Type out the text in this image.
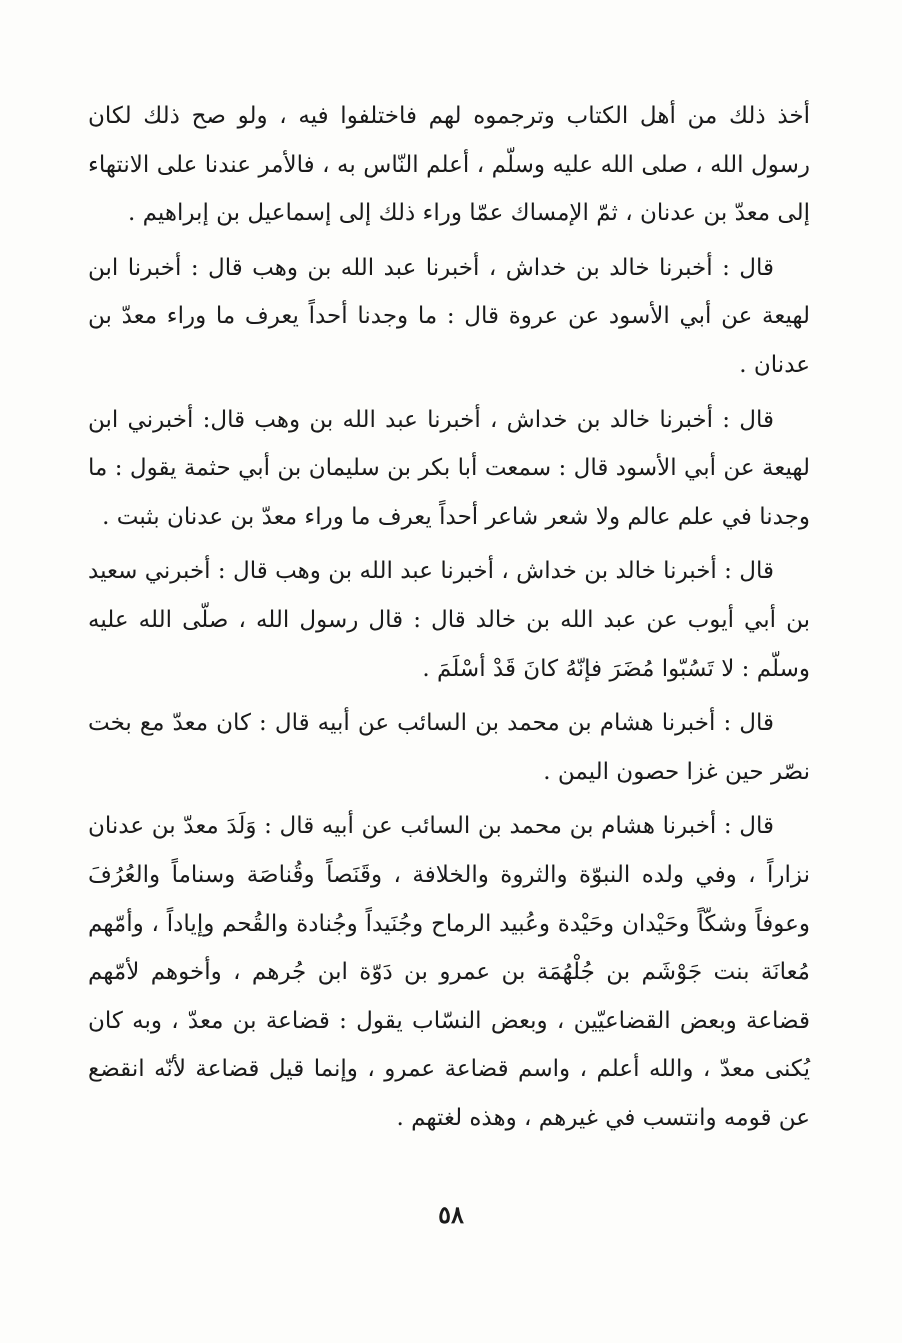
أخذ ذلك من أهل الكتاب وترجموه لهم فاختلفوا فيه ، ولو صح ذلك لكان رسول الله ، صلى الله عليه وسلّم ، أعلم النّاس به ، فالأمر عندنا على الانتهاء إلى معدّ بن عدنان ، ثمّ الإمساك عمّا وراء ذلك إلى إسماعيل بن إبراهيم .

قال : أخبرنا خالد بن خداش ، أخبرنا عبد الله بن وهب قال : أخبرنا ابن لهيعة عن أبي الأسود عن عروة قال : ما وجدنا أحداً يعرف ما وراء معدّ بن عدنان .

قال : أخبرنا خالد بن خداش ، أخبرنا عبد الله بن وهب قال: أخبرني ابن لهيعة عن أبي الأسود قال : سمعت أبا بكر بن سليمان بن أبي حثمة يقول : ما وجدنا في علم عالم ولا شعر شاعر أحداً يعرف ما وراء معدّ بن عدنان بثبت .

قال : أخبرنا خالد بن خداش ، أخبرنا عبد الله بن وهب قال : أخبرني سعيد بن أبي أيوب عن عبد الله بن خالد قال : قال رسول الله ، صلّى الله عليه وسلّم : لا تَسُبّوا مُضَرَ فإنّهُ كانَ قَدْ أسْلَمَ .

قال : أخبرنا هشام بن محمد بن السائب عن أبيه قال : كان معدّ مع بخت نصّر حين غزا حصون اليمن .

قال : أخبرنا هشام بن محمد بن السائب عن أبيه قال : وَلَدَ معدّ بن عدنان نزاراً ، وفي ولده النبوّة والثروة والخلافة ، وقَنَصاً وقُناصَة وسناماً والعُرُفَ وعوفاً وشكّاً وحَيْدان وحَيْدة وعُبيد الرماح وجُنَيداً وجُنادة والقُحم وإياداً ، وأمّهم مُعانَة بنت جَوْشَم بن جُلْهُمَة بن عمرو بن دَوّة ابن جُرهم ، وأخوهم لأمّهم قضاعة وبعض القضاعيّين ، وبعض النسّاب يقول : قضاعة بن معدّ ، وبه كان يُكنى معدّ ، والله أعلم ، واسم قضاعة عمرو ، وإنما قيل قضاعة لأنّه انقضع عن قومه وانتسب في غيرهم ، وهذه لغتهم .

٥٨
